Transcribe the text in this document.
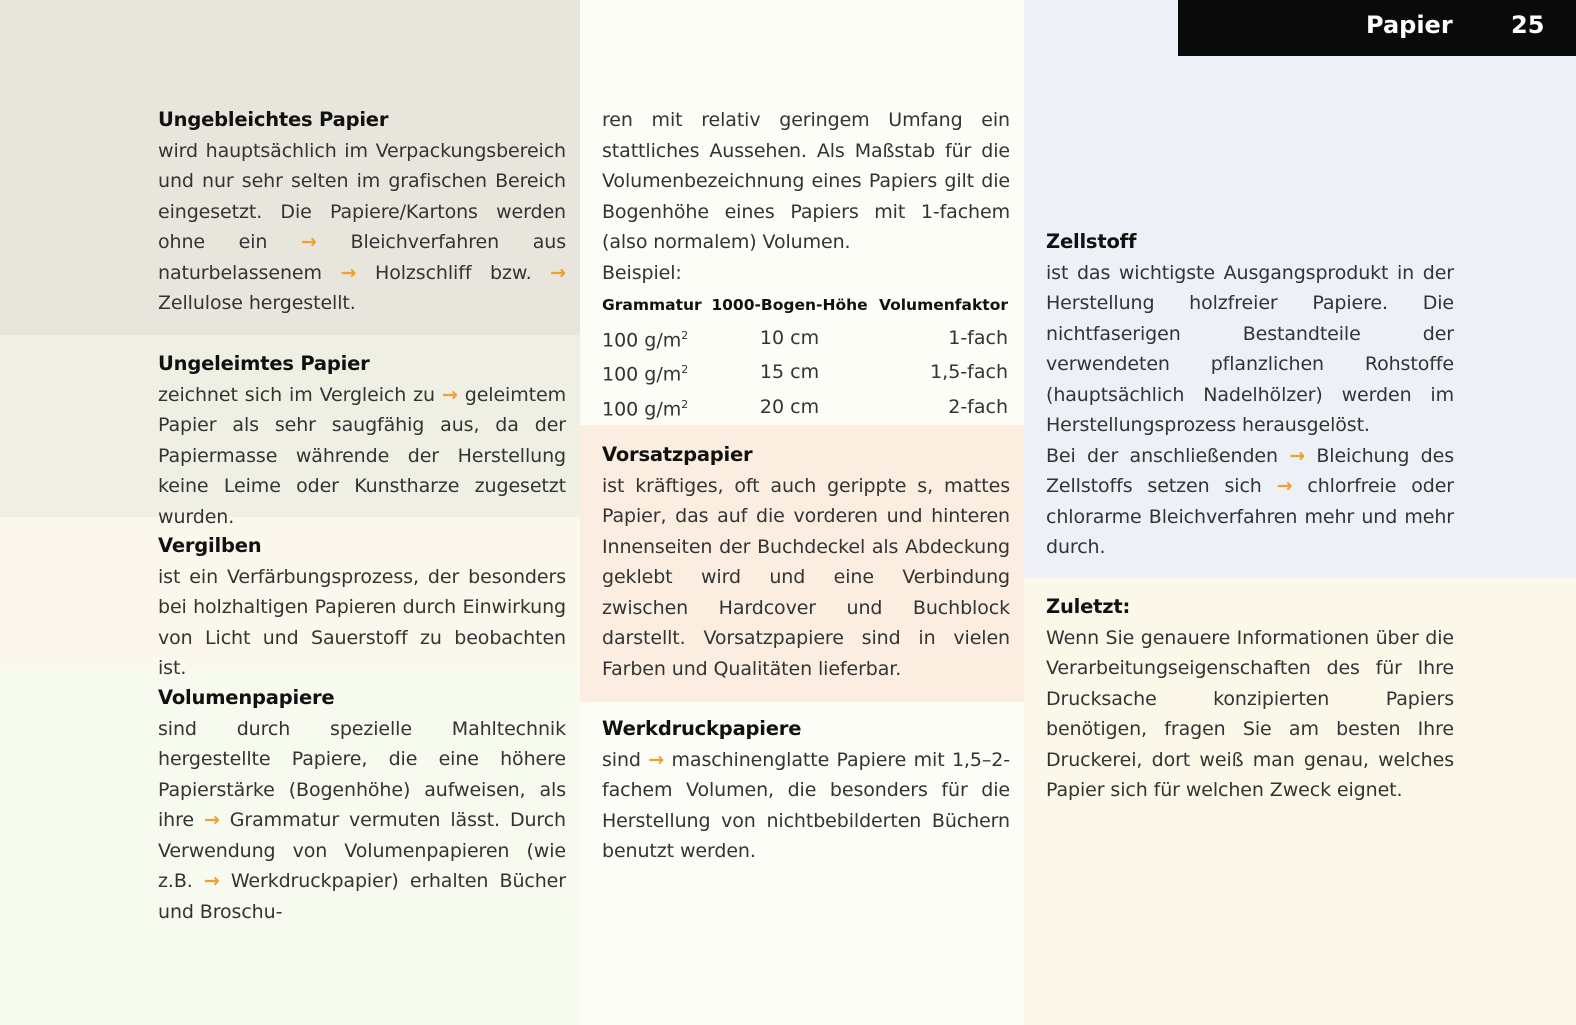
Papier 25
Ungebleichtes Papier

wird hauptsächlich im Verpackungsbereich und nur sehr selten im grafischen Bereich eingesetzt. Die Papiere/Kartons werden ohne ein → Bleichverfahren aus naturbelassenem → Holzschliff bzw. → Zellulose hergestellt.

Ungeleimtes Papier

zeichnet sich im Vergleich zu → geleimtem Papier als sehr saugfähig aus, da der Papiermasse währende der Herstellung keine Leime oder Kunstharze zugesetzt wurden.

Vergilben

ist ein Verfärbungsprozess, der besonders bei holzhaltigen Papieren durch Einwirkung von Licht und Sauerstoff zu beobachten ist.

Volumenpapiere

sind durch spezielle Mahltechnik hergestellte Papiere, die eine höhere Papierstärke (Bogenhöhe) aufweisen, als ihre → Grammatur vermuten lässt. Durch Verwendung von Volumenpapieren (wie z.B. → Werkdruckpapier) erhalten Bücher und Broschu-

ren mit relativ geringem Umfang ein stattliches Aussehen. Als Maßstab für die Volumenbezeichnung eines Papiers gilt die Bogenhöhe eines Papiers mit 1-fachem (also normalem) Volumen.

Beispiel:

Grammatur	1000-Bogen-Höhe	Volumenfaktor
100 $g/m^2$	10 cm	1-fach
100 $g/m^2$	15 cm	1,5-fach
100 $g/m^2$	20 cm	2-fach
Vorsatzpapier

ist kräftiges, oft auch gerippte s, mattes Papier, das auf die vorderen und hinteren Innenseiten der Buchdeckel als Abdeckung geklebt wird und eine Verbindung zwischen Hardcover und Buchblock darstellt. Vorsatzpapiere sind in vielen Farben und Qualitäten lieferbar.

Werkdruckpapiere

sind → maschinenglatte Papiere mit 1,5–2-fachem Volumen, die besonders für die Herstellung von nichtbebilderten Büchern benutzt werden.

Zellstoff

ist das wichtigste Ausgangsprodukt in der Herstellung holzfreier Papiere. Die nichtfaserigen Bestandteile der verwendeten pflanzlichen Rohstoffe (hauptsächlich Nadelhölzer) werden im Herstellungsprozess herausgelöst.

Bei der anschließenden → Bleichung des Zellstoffs setzen sich → chlorfreie oder chlorarme Bleichverfahren mehr und mehr durch.

Zuletzt:

Wenn Sie genauere Informationen über die Verarbeitungseigenschaften des für Ihre Drucksache konzipierten Papiers benötigen, fragen Sie am besten Ihre Druckerei, dort weiß man genau, welches Papier sich für welchen Zweck eignet.
